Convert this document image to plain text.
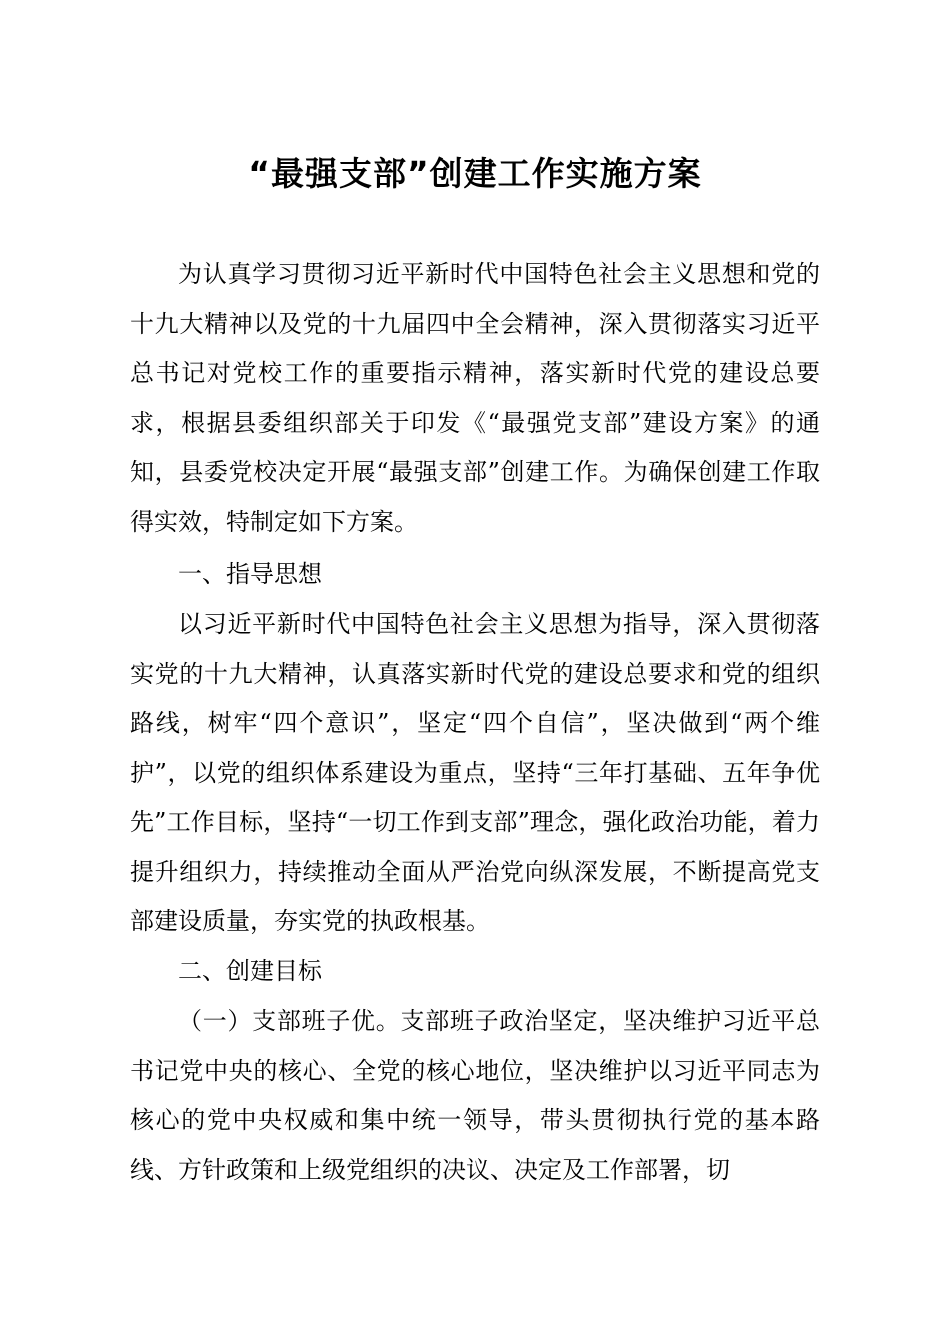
“最强支部”创建工作实施方案

为认真学习贯彻习近平新时代中国特色社会主义思想和党的十九大精神以及党的十九届四中全会精神，深入贯彻落实习近平总书记对党校工作的重要指示精神，落实新时代党的建设总要求，根据县委组织部关于印发《“最强党支部”建设方案》的通知，县委党校决定开展“最强支部”创建工作。为确保创建工作取得实效，特制定如下方案。

一、指导思想

以习近平新时代中国特色社会主义思想为指导，深入贯彻落实党的十九大精神，认真落实新时代党的建设总要求和党的组织路线，树牢“四个意识”，坚定“四个自信”，坚决做到“两个维护”，以党的组织体系建设为重点，坚持“三年打基础、五年争优先”工作目标，坚持“一切工作到支部”理念，强化政治功能，着力提升组织力，持续推动全面从严治党向纵深发展，不断提高党支部建设质量，夯实党的执政根基。

二、创建目标

（一）支部班子优。支部班子政治坚定，坚决维护习近平总书记党中央的核心、全党的核心地位，坚决维护以习近平同志为核心的党中央权威和集中统一领导，带头贯彻执行党的基本路线、方针政策和上级党组织的决议、决定及工作部署，切
